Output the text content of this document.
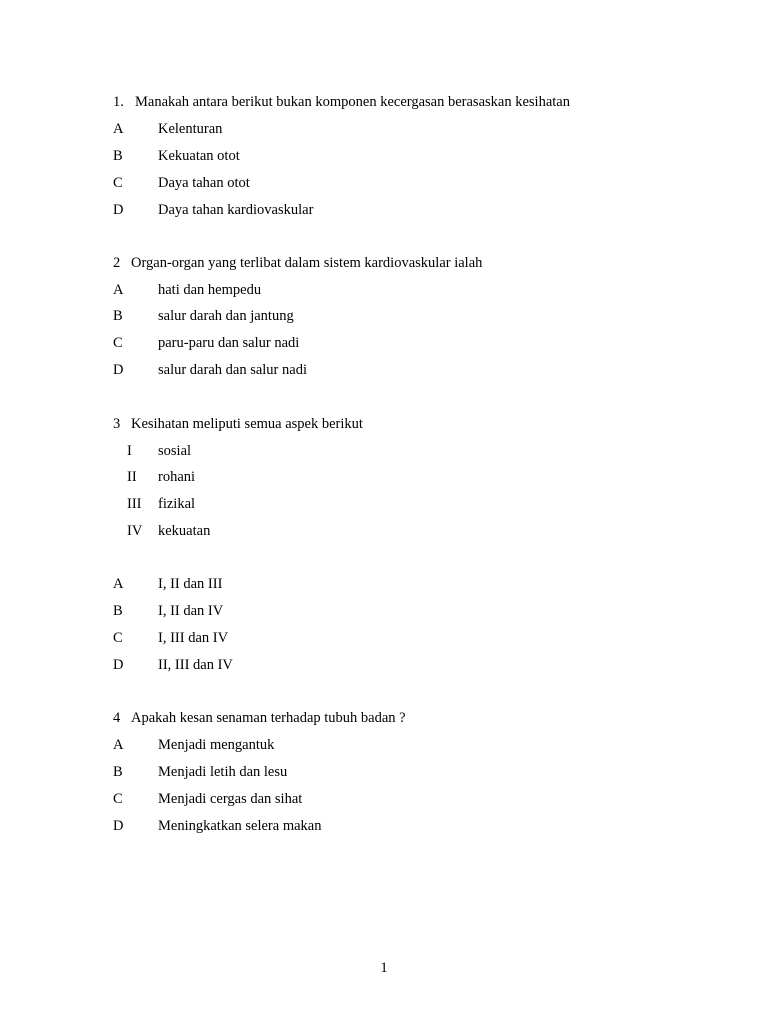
1. Manakah antara berikut bukan komponen kecergasan berasaskan kesihatan
A Kelenturan
B Kekuatan otot
C Daya tahan otot
D Daya tahan kardiovaskular
2 Organ-organ yang terlibat dalam sistem kardiovaskular ialah
A hati dan hempedu
B salur darah dan jantung
C paru-paru dan salur nadi
D salur darah dan salur nadi
3 Kesihatan meliputi semua aspek berikut
I sosial
II rohani
III fizikal
IV kekuatan
A I, II dan III
B I, II dan IV
C I, III dan IV
D II, III dan IV
4 Apakah kesan senaman terhadap tubuh badan ?
A Menjadi mengantuk
B Menjadi letih dan lesu
C Menjadi cergas dan sihat
D Meningkatkan selera makan
1
